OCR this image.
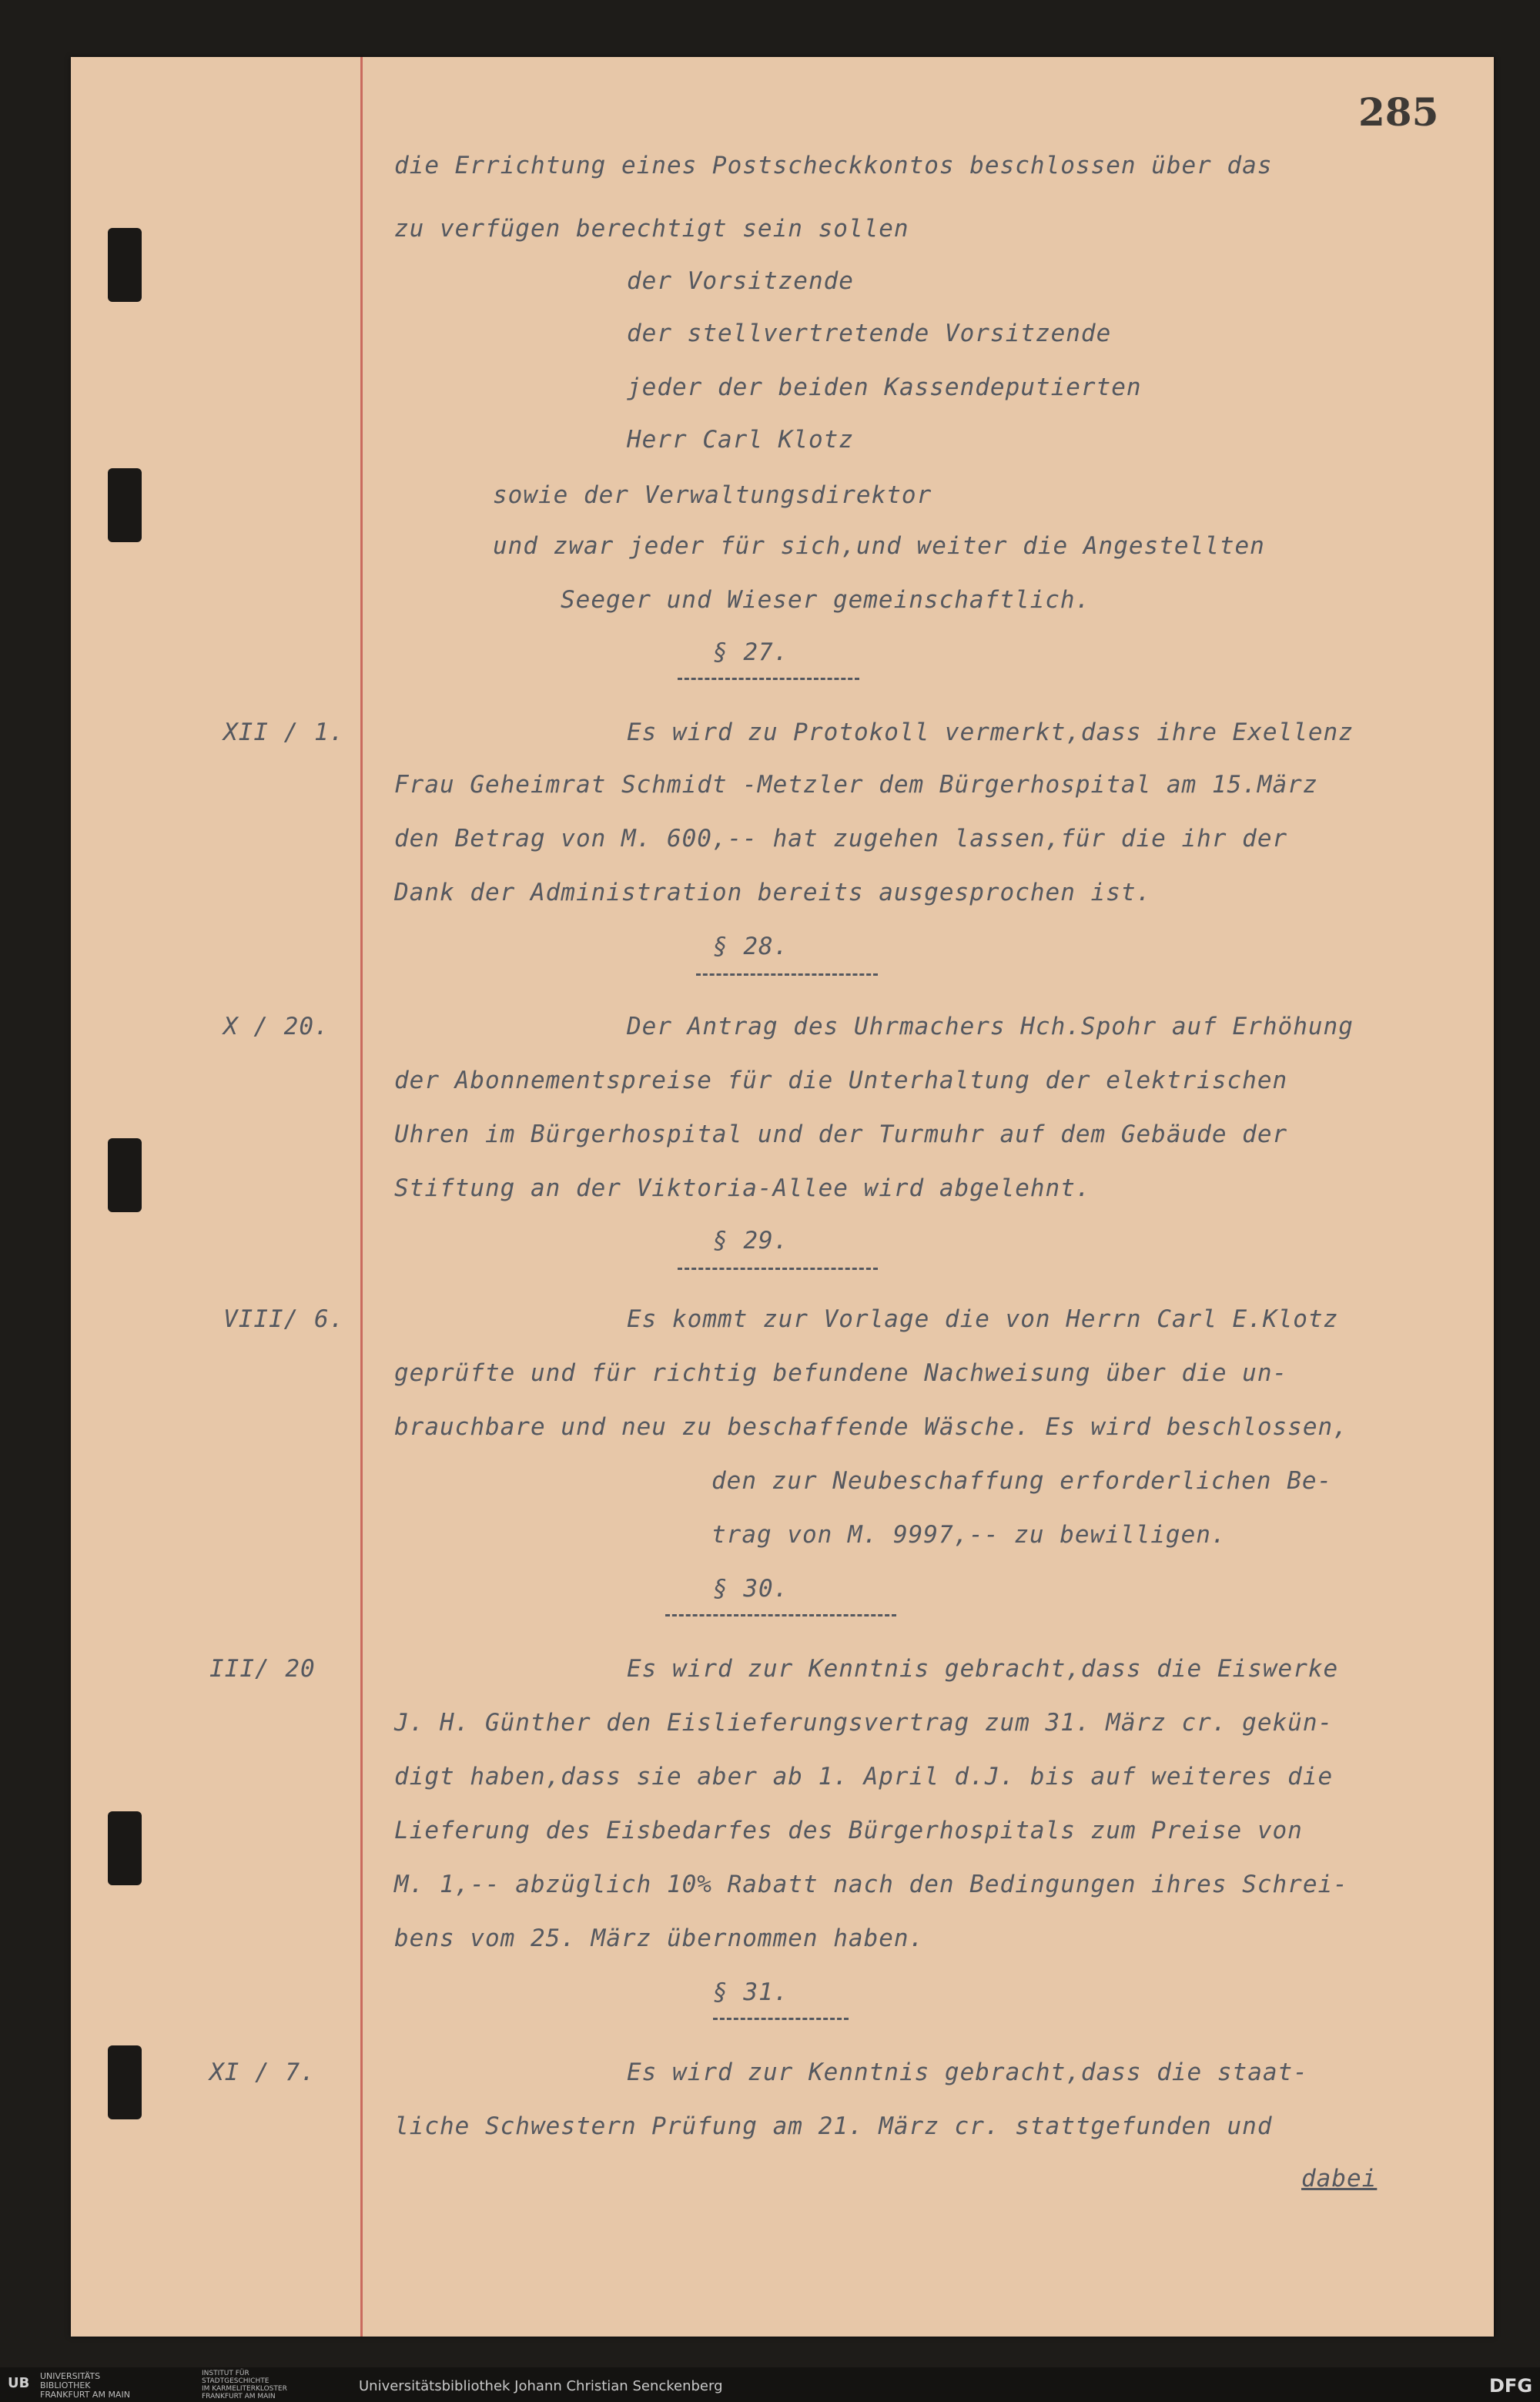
285
die Errichtung eines Postscheckkontos beschlossen über das
zu verfügen berechtigt sein sollen
der Vorsitzende
der stellvertretende Vorsitzende
jeder der beiden Kassendeputierten
Herr Carl Klotz
sowie der Verwaltungsdirektor
und zwar jeder für sich,und weiter die Angestellten
Seeger und Wieser gemeinschaftlich.
§ 27.
Es wird zu Protokoll vermerkt,dass ihre Exellenz
Frau Geheimrat Schmidt -Metzler dem Bürgerhospital am 15.März
den Betrag von M. 600,-- hat zugehen lassen,für die ihr der
Dank der Administration bereits ausgesprochen ist.
§ 28.
Der Antrag des Uhrmachers Hch.Spohr auf Erhöhung
der Abonnementspreise für die Unterhaltung der elektrischen
Uhren im Bürgerhospital und der Turmuhr auf dem Gebäude der
Stiftung an der Viktoria-Allee wird abgelehnt.
§ 29.
Es kommt zur Vorlage die von Herrn Carl E.Klotz
geprüfte und für richtig befundene Nachweisung über die un-
brauchbare und neu zu beschaffende Wäsche. Es wird beschlossen,
den zur Neubeschaffung erforderlichen Be-
trag von M. 9997,-- zu bewilligen.
§ 30.
Es wird zur Kenntnis gebracht,dass die Eiswerke
J. H. Günther den Eislieferungsvertrag zum 31. März cr. gekün-
digt haben,dass sie aber ab 1. April d.J. bis auf weiteres die
Lieferung des Eisbedarfes des Bürgerhospitals zum Preise von
M. 1,-- abzüglich 10% Rabatt nach den Bedingungen ihres Schrei-
bens vom 25. März übernommen haben.
§ 31.
Es wird zur Kenntnis gebracht,dass die staat-
liche Schwestern Prüfung am 21. März cr. stattgefunden und
dabei
XII / 1.
X / 20.
VIII/ 6.
III/ 20
XI / 7.
UB UNIVERSITÄTS
BIBLIOTHEK
FRANKFURT AM MAIN
INSTITUT FÜR
STADTGESCHICHTE
IM KARMELITERKLOSTER
FRANKFURT AM MAIN
Universitätsbibliothek Johann Christian Senckenberg	DFG
